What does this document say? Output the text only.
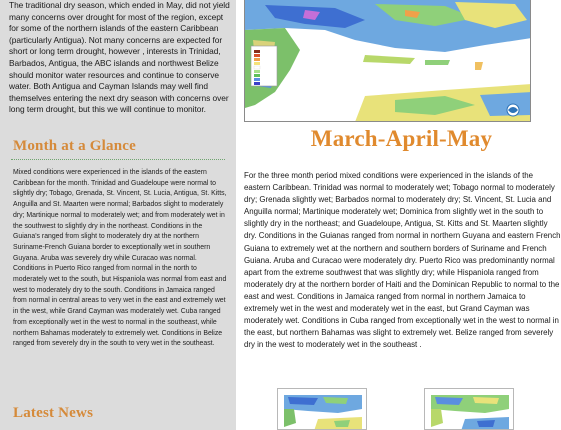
The traditional dry season, which ended in May, did not yield many concerns over drought for most of the region, except for some of the northern islands of the eastern Caribbean (particularly Antigua). Not many concerns are expected for short or long term drought, however , interests in Trinidad, Barbados, Antigua, the ABC islands and northwest Belize should monitor water resources and continue to conserve water. Both Antigua and Cayman Islands may well find themselves entering the next dry season with concerns over long term drought, but this we will continue to monitor.

Month at a Glance

Mixed conditions were experienced in the islands of the eastern Caribbean for the month. Trinidad and Guadeloupe were normal to slightly dry; Tobago, Grenada, St. Vincent, St. Lucia, Antigua, St. Kitts, Anguilla and St. Maarten were normal; Barbados slight to moderately dry; Martinique normal to moderately wet; and from moderately wet in the southwest to slightly dry in the northeast. Conditions in the Guiana's ranged from slight to moderately dry at the northern Suriname-French Guiana border to exceptionally wet in southern Guyana. Aruba was severely dry while Curacao was normal. Conditions in Puerto Rico ranged from normal in the north to moderately wet to the south, but Hispaniola was normal from east and west to moderately dry to the south. Conditions in Jamaica ranged from normal in central areas to very wet in the east and extremely wet in the west, while Grand Cayman was moderately wet. Cuba ranged from exceptionally wet in the west to normal in the southeast, while northern Bahamas moderately to extremely wet. Conditions in Belize ranged from severely dry in the south to very wet in the southeast.

Latest News
March-April-May

For the three month period mixed conditions were experienced in the islands of the eastern Caribbean. Trinidad was normal to moderately wet; Tobago normal to moderately dry; Grenada slightly wet; Barbados normal to moderately dry; St. Vincent, St. Lucia and Anguilla normal; Martinique moderately wet; Dominica from slightly wet in the south to slightly dry in the northeast; and Guadeloupe, Antigua, St. Kitts and St. Maarten slightly dry. Conditions in the Guianas ranged from normal in northern Guyana and eastern French Guiana to extremely wet at the northern and southern borders of Suriname and French Guiana. Aruba and Curacao were moderately dry. Puerto Rico was predominantly normal apart from the extreme southwest that was slightly dry; while Hispaniola ranged from moderately dry at the northern border of Haiti and the Dominican Republic to normal to the east and west. Conditions in Jamaica ranged from normal in northern Jamaica to extremely wet in the west and moderately wet in the east, but Grand Cayman was moderately wet. Conditions in Cuba ranged from exceptionally wet in the west to normal in the east, but northern Bahamas was slight to extremely wet. Belize ranged from severely dry in the west to moderately wet in the southeast .
